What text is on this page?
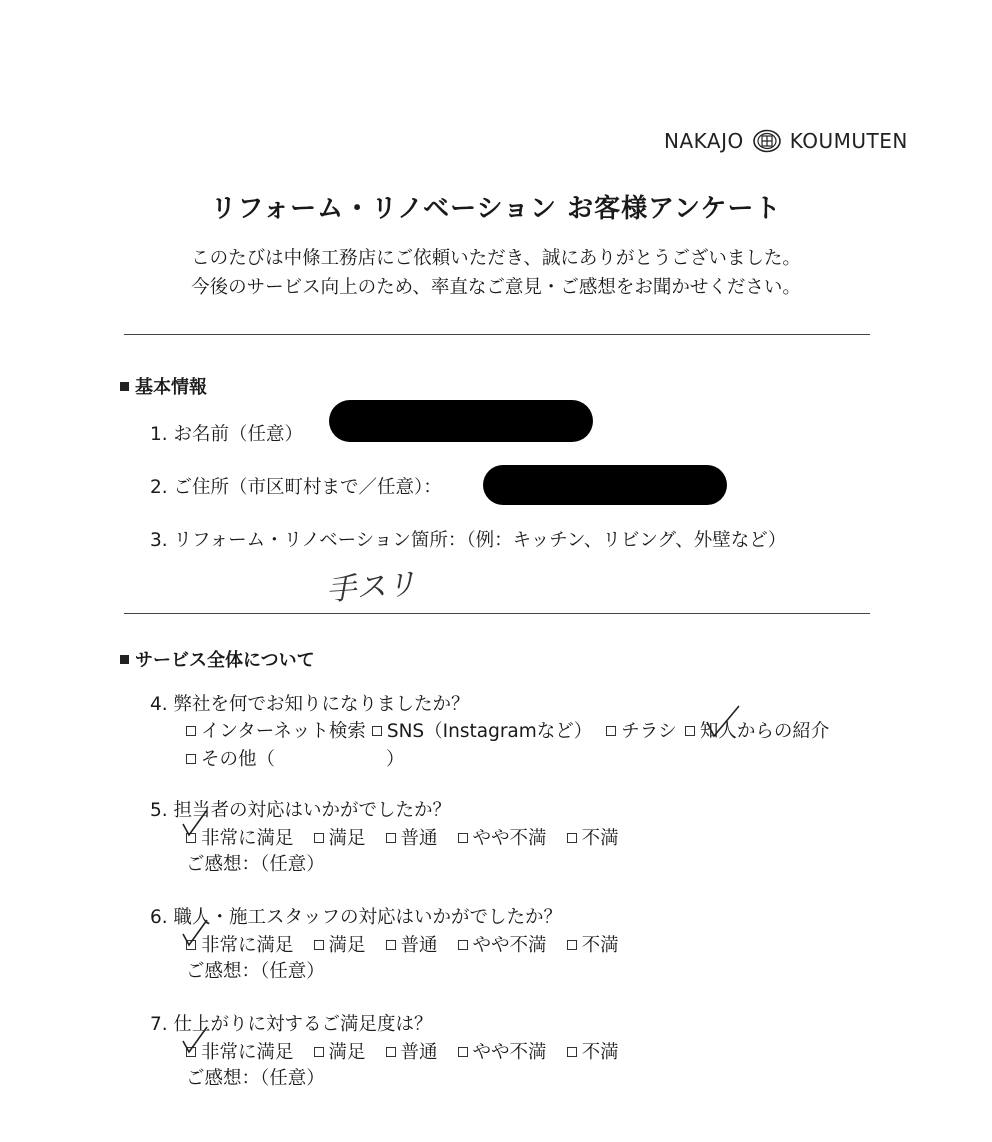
NAKAJO KOUMUTEN
リフォーム・リノベーション お客様アンケート
このたびは中條工務店にご依頼いただき、誠にありがとうございました。
今後のサービス向上のため、率直なご意見・ご感想をお聞かせください。
基本情報
1. お名前（任意）
2. ご住所（市区町村まで／任意）：
3. リフォーム・リノベーション箇所：（例：キッチン、リビング、外壁など）
手スリ
サービス全体について
4. 弊社を何でお知りになりましたか？
インターネット検索 SNS（Instagramなど） チラシ 知人からの紹介
その他（　　　　　　）
5. 担当者の対応はいかがでしたか？
非常に満足 満足 普通 やや不満 不満
ご感想：（任意）
6. 職人・施工スタッフの対応はいかがでしたか？
非常に満足 満足 普通 やや不満 不満
ご感想：（任意）
7. 仕上がりに対するご満足度は？
非常に満足 満足 普通 やや不満 不満
ご感想：（任意）
